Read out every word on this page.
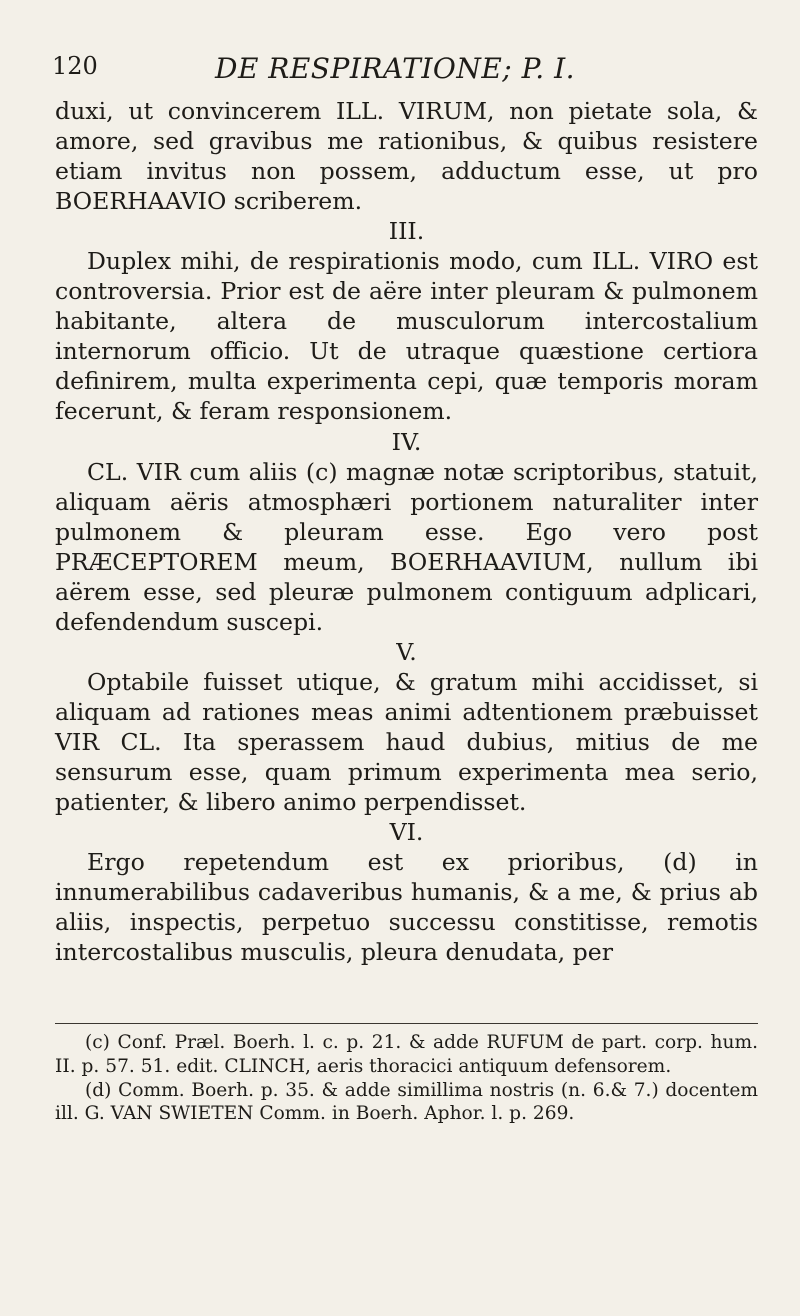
120	DE RESPIRATIONE; P. I.

duxi, ut convincerem ILL. VIRUM, non pietate sola, & amore, sed gravibus me rationibus, & quibus resistere etiam invitus non possem, adductum esse, ut pro BOERHAAVIO scriberem.

III.

Duplex mihi, de respirationis modo, cum ILL. VIRO est controversia. Prior est de aëre inter pleuram & pulmonem habitante, altera de musculorum intercostalium internorum officio. Ut de utraque quæstione certiora definirem, multa experimenta cepi, quæ temporis moram fecerunt, & feram responsionem.

IV.

CL. VIR cum aliis (c) magnæ notæ scriptoribus, statuit, aliquam aëris atmosphæri portionem naturaliter inter pulmonem & pleuram esse. Ego vero post PRÆCEPTOREM meum, BOERHAAVIUM, nullum ibi aërem esse, sed pleuræ pulmonem contiguum adplicari, defendendum suscepi.

V.

Optabile fuisset utique, & gratum mihi accidisset, si aliquam ad rationes meas animi adtentionem præbuisset VIR CL. Ita sperassem haud dubius, mitius de me sensurum esse, quam primum experimenta mea serio, patienter, & libero animo perpendisset.

VI.

Ergo repetendum est ex prioribus, (d) in innumerabilibus cadaveribus humanis, & a me, & prius ab aliis, inspectis, perpetuo successu constitisse, remotis intercostalibus musculis, pleura denudata, per

(c) Conf. Præl. Boerh. l. c. p. 21. & adde RUFUM de part. corp. hum. II. p. 57. 51. edit. CLINCH, aeris thoracici antiquum defensorem.

(d) Comm. Boerh. p. 35. & adde simillima nostris (n. 6.& 7.) docentem ill. G. VAN SWIETEN Comm. in Boerh. Aphor. l. p. 269.
